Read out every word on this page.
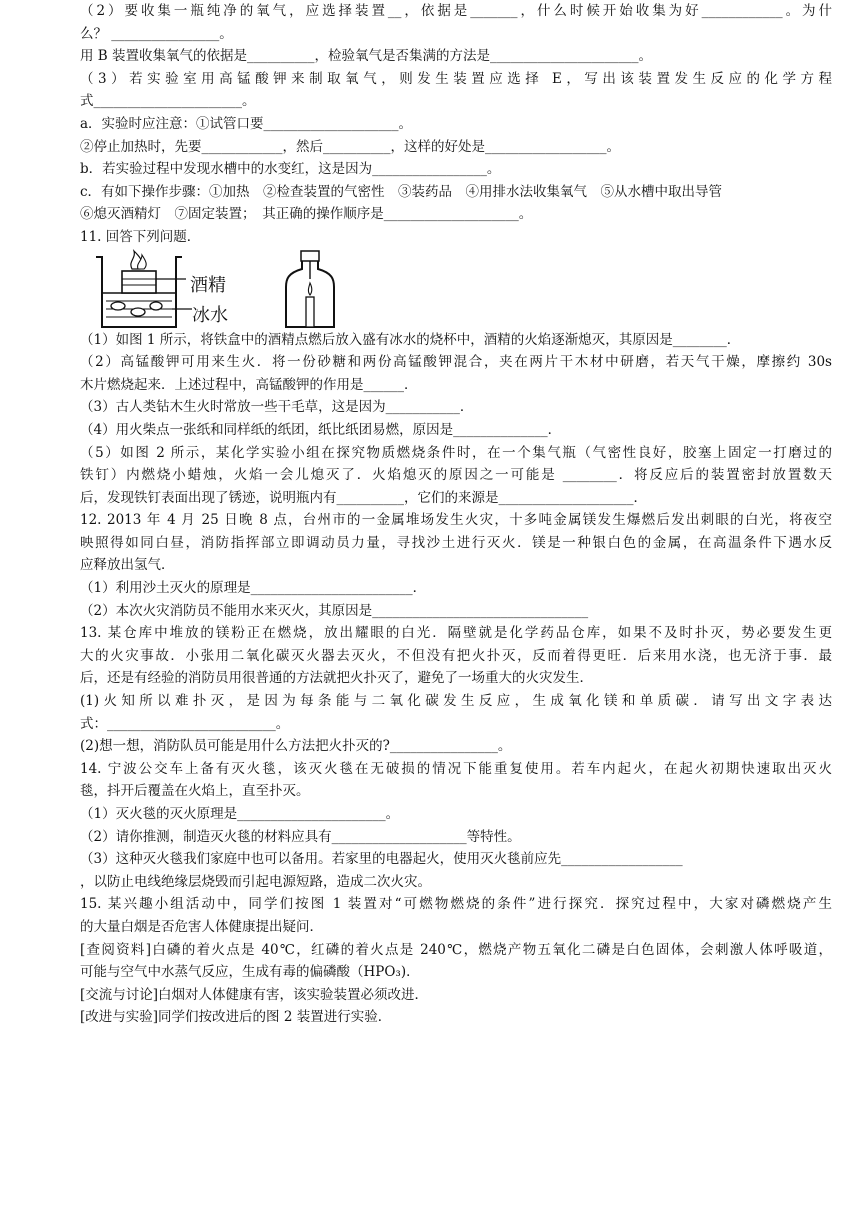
（2）要收集一瓶纯净的氧气，应选择装置__，依据是_______，什么时候开始收集为好____________。为什
么？ ________________。
用 B 装置收集氧气的依据是__________，检验氧气是否集满的方法是______________________。
（3）若实验室用高锰酸钾来制取氧气，则发生装置应选择 E，写出该装置发生反应的化学方程
式______________________。
a．实验时应注意：①试管口要____________________。
②停止加热时，先要____________，然后__________，这样的好处是__________________。
b．若实验过程中发现水槽中的水变红，这是因为_________________。
c．有如下操作步骤：①加热　②检查装置的气密性　③装药品　④用排水法收集氧气　⑤从水槽中取出导管
⑥熄灭酒精灯　⑦固定装置；　其正确的操作顺序是____________________。
11. 回答下列问题．
酒精
冰水
（1）如图 1 所示，将铁盒中的酒精点燃后放入盛有冰水的烧杯中，酒精的火焰逐渐熄灭，其原因是________．
（2）高锰酸钾可用来生火．将一份砂糖和两份高锰酸钾混合，夹在两片干木材中研磨，若天气干燥，摩擦约 30s
木片燃烧起来．上述过程中，高锰酸钾的作用是______．
（3）古人类钻木生火时常放一些干毛草，这是因为___________．
（4）用火柴点一张纸和同样纸的纸团，纸比纸团易燃，原因是______________．
（5）如图 2 所示，某化学实验小组在探究物质燃烧条件时，在一个集气瓶（气密性良好，胶塞上固定一打磨过的
铁钉）内燃烧小蜡烛，火焰一会儿熄灭了．火焰熄灭的原因之一可能是 ________．将反应后的装置密封放置数天
后，发现铁钉表面出现了锈迹，说明瓶内有__________，它们的来源是____________________．
12. 2013 年 4 月 25 日晚 8 点，台州市的一金属堆场发生火灾，十多吨金属镁发生爆燃后发出刺眼的白光，将夜空
映照得如同白昼，消防指挥部立即调动员力量，寻找沙土进行灭火．镁是一种银白色的金属，在高温条件下遇水反
应释放出氢气．
（1）利用沙土灭火的原理是________________________．
（2）本次火灾消防员不能用水来灭火，其原因是________________________________
13. 某仓库中堆放的镁粉正在燃烧，放出耀眼的白光．隔壁就是化学药品仓库，如果不及时扑灭，势必要发生更
大的火灾事故．小张用二氧化碳灭火器去灭火，不但没有把火扑灭，反而着得更旺．后来用水浇，也无济于事．最
后，还是有经验的消防员用很普通的方法就把火扑灭了，避免了一场重大的火灾发生．
(1)火知所以难扑灭，是因为每条能与二氧化碳发生反应，生成氧化镁和单质碳．请写出文字表达
式：_________________________。
(2)想一想，消防队员可能是用什么方法把火扑灭的?________________。
14. 宁波公交车上备有灭火毯，该灭火毯在无破损的情况下能重复使用。若车内起火，在起火初期快速取出灭火
毯，抖开后覆盖在火焰上，直至扑灭。
（1）灭火毯的灭火原理是______________________。
（2）请你推测，制造灭火毯的材料应具有____________________等特性。
（3）这种灭火毯我们家庭中也可以备用。若家里的电器起火，使用灭火毯前应先__________________
，以防止电线绝缘层烧毁而引起电源短路，造成二次火灾。
15. 某兴趣小组活动中，同学们按图 1 装置对“可燃物燃烧的条件”进行探究．探究过程中，大家对磷燃烧产生
的大量白烟是否危害人体健康提出疑问．
[查阅资料]白磷的着火点是 40℃，红磷的着火点是 240℃，燃烧产物五氧化二磷是白色固体，会刺激人体呼吸道，
可能与空气中水蒸气反应，生成有毒的偏磷酸（HPO₃)．
[交流与讨论]白烟对人体健康有害，该实验装置必须改进．
[改进与实验]同学们按改进后的图 2 装置进行实验．
